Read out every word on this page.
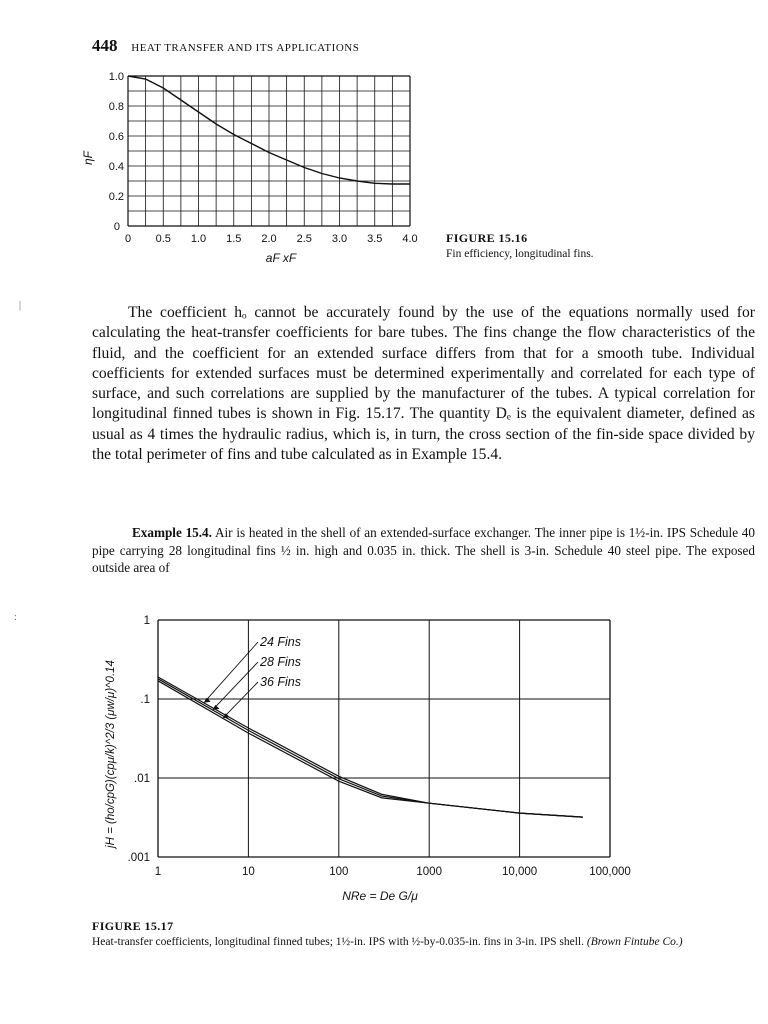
448 HEAT TRANSFER AND ITS APPLICATIONS
0 0.5 1.0 1.5 2.0 2.5 3.0 3.5 4.0
0.2
0.4
0.6
0.8
1.0
0
ηF
aF xF
FIGURE 15.16
Fin efficiency, longitudinal fins.
|
:
The coefficient hₒ cannot be accurately found by the use of the equations normally used for calculating the heat-transfer coefficients for bare tubes. The fins change the flow characteristics of the fluid, and the coefficient for an extended surface differs from that for a smooth tube. Individual coefficients for extended surfaces must be determined experimentally and correlated for each type of surface, and such correlations are supplied by the manufacturer of the tubes. A typical correlation for longitudinal finned tubes is shown in Fig. 15.17. The quantity Dₑ is the equivalent diameter, defined as usual as 4 times the hydraulic radius, which is, in turn, the cross section of the fin-side space divided by the total perimeter of fins and tube calculated as in Example 15.4.
Example 15.4. Air is heated in the shell of an extended-surface exchanger. The inner pipe is 1½-in. IPS Schedule 40 pipe carrying 28 longitudinal fins ½ in. high and 0.035 in. thick. The shell is 3-in. Schedule 40 steel pipe. The exposed outside area of
1	10	100	1000	10,000	100,000
.001
.01
.1
1
24 Fins
28 Fins
36 Fins
jH = (ho/cpG)(cpμ/k)^2/3 (μw/μ)^0.14
NRe = De G/μ
FIGURE 15.17
Heat-transfer coefficients, longitudinal finned tubes; 1½-in. IPS with ½-by-0.035-in. fins in 3-in. IPS shell. (Brown Fintube Co.)
